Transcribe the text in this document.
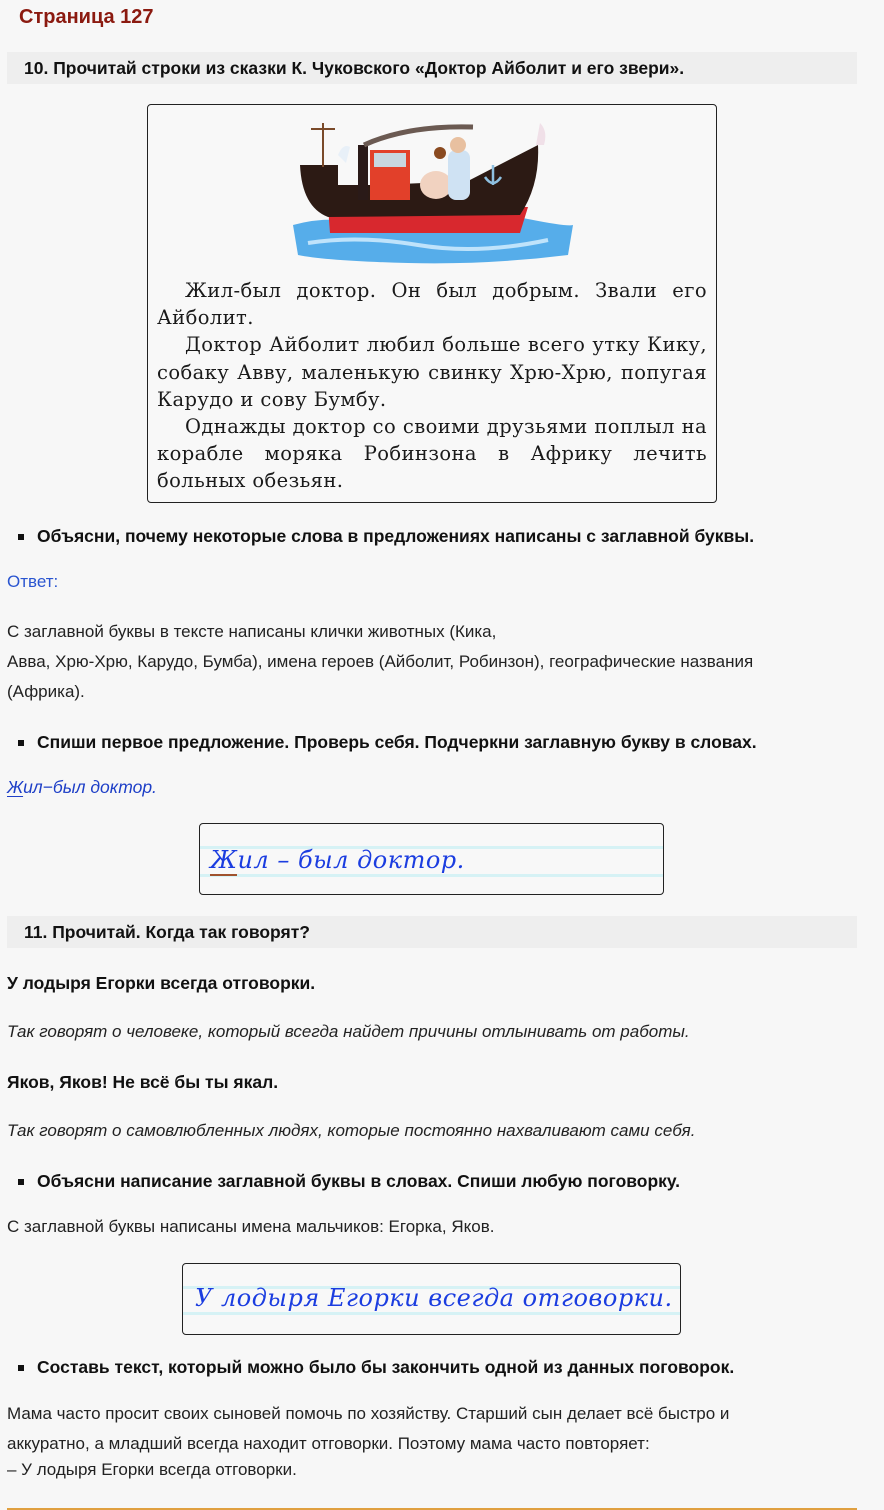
Страница 127
10. Прочитай строки из сказки К. Чуковского «Доктор Айболит и его звери».

Жил-был доктор. Он был добрым. Звали его Айболит.

Доктор Айболит любил больше всего утку Кику, собаку Авву, маленькую свинку Хрю-Хрю, попугая Карудо и сову Бумбу.

Однажды доктор со своими друзьями поплыл на корабле моряка Робинзона в Африку лечить больных обезьян.

Объясни, почему некоторые слова в предложениях написаны с заглавной буквы.
Ответ:
С заглавной буквы в тексте написаны клички животных (Кика,
Авва, Хрю-Хрю, Карудо, Бумба), имена героев (Айболит, Робинзон), географические названия
(Африка).
Спиши первое предложение. Проверь себя. Подчеркни заглавную букву в словах.
Жил−был доктор.
Жил – был доктор.
11. Прочитай. Когда так говорят?
У лодыря Егорки всегда отговорки.
Так говорят о человеке, который всегда найдет причины отлынивать от работы.
Яков, Яков! Не всё бы ты якал.
Так говорят о самовлюбленных людях, которые постоянно нахваливают сами себя.
Объясни написание заглавной буквы в словах. Спиши любую поговорку.
С заглавной буквы написаны имена мальчиков: Егорка, Яков.
У лодыря Егорки всегда отговорки.
Составь текст, который можно было бы закончить одной из данных поговорок.
Мама часто просит своих сыновей помочь по хозяйству. Старший сын делает всё быстро и
аккуратно, а младший всегда находит отговорки. Поэтому мама часто повторяет:
– У лодыря Егорки всегда отговорки.
